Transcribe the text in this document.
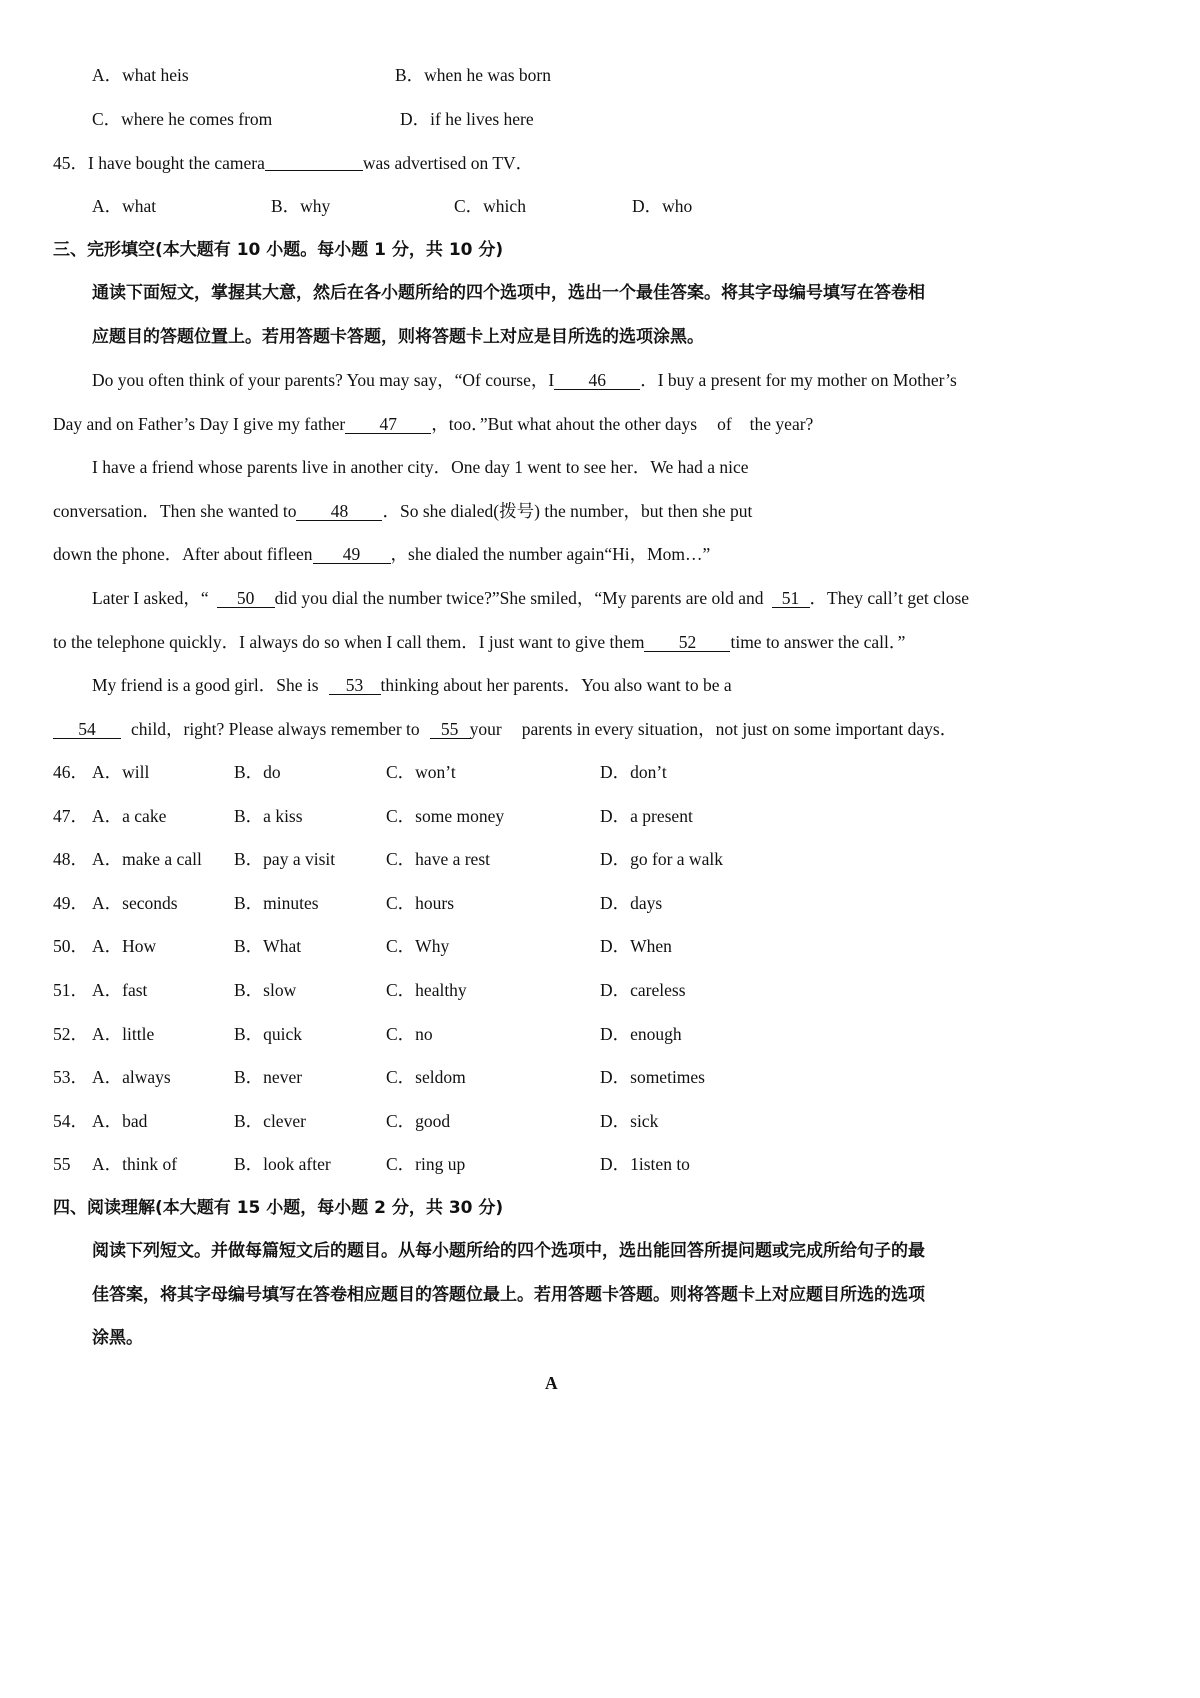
A．what heis	B．when he was born
C．where he comes from	D．if he lives here
45．I have bought the camera	was advertised on TV．
A．what	B．why	C．which	D．who
三、完形填空(本大题有 10 小题。每小题 1 分，共 10 分)
通读下面短文，掌握其大意，然后在各小题所给的四个选项中，选出一个最佳答案。将其字母编号填写在答卷相
应题目的答题位置上。若用答题卡答题，则将答题卡上对应是目所选的选项涂黑。
Do you often think of your parents? You may say，“Of course，I 46 ．I buy a present for my mother on Mother’s
Day and on Father’s Day I give my father 47 ，too．”But what ahout the other days of the year?
I have a friend whose parents live in another city．One day 1 went to see her．We had a nice
conversation．Then she wanted to 48 ．So she dialed(拨号) the number，but then she put
down the phone．After about fifleen 49 ，she dialed the number again“Hi，Mom…”
Later I asked，“ 50 did you dial the number twice?”She smiled，“My parents are old and 51 ．They call’t get close
to the telephone quickly．I always do so when I call them．I just want to give them 52 time to answer the call．”
My friend is a good girl．She is 53 thinking about her parents．You also want to be a
54 child，right? Please always remember to 55 your parents in every situation，not just on some important days．
46． A．will	B．do	C．won’t	D．don’t
47． A．a cake	B．a kiss	C．some money	D．a present
48． A．make a call B．pay a visit	C．have a rest	D．go for a walk
49． A．seconds	B．minutes	C．hours	D．days
50． A．How	B．What	C．Why	D．When
51． A．fast	B．slow	C．healthy	D．careless
52． A．little	B．quick	C．no	D．enough
53． A．always	B．never	C．seldom	D．sometimes
54． A．bad	B．clever	C．good	D．sick
55 A．think of	B．look after	C．ring up	D．1isten to
四、阅读理解(本大题有 15 小题，每小题 2 分，共 30 分)
阅读下列短文。并做每篇短文后的题目。从每小题所给的四个选项中，选出能回答所提问题或完成所给句子的最
佳答案，将其字母编号填写在答卷相应题目的答题位最上。若用答题卡答题。则将答题卡上对应题目所选的选项
涂黑。
A
